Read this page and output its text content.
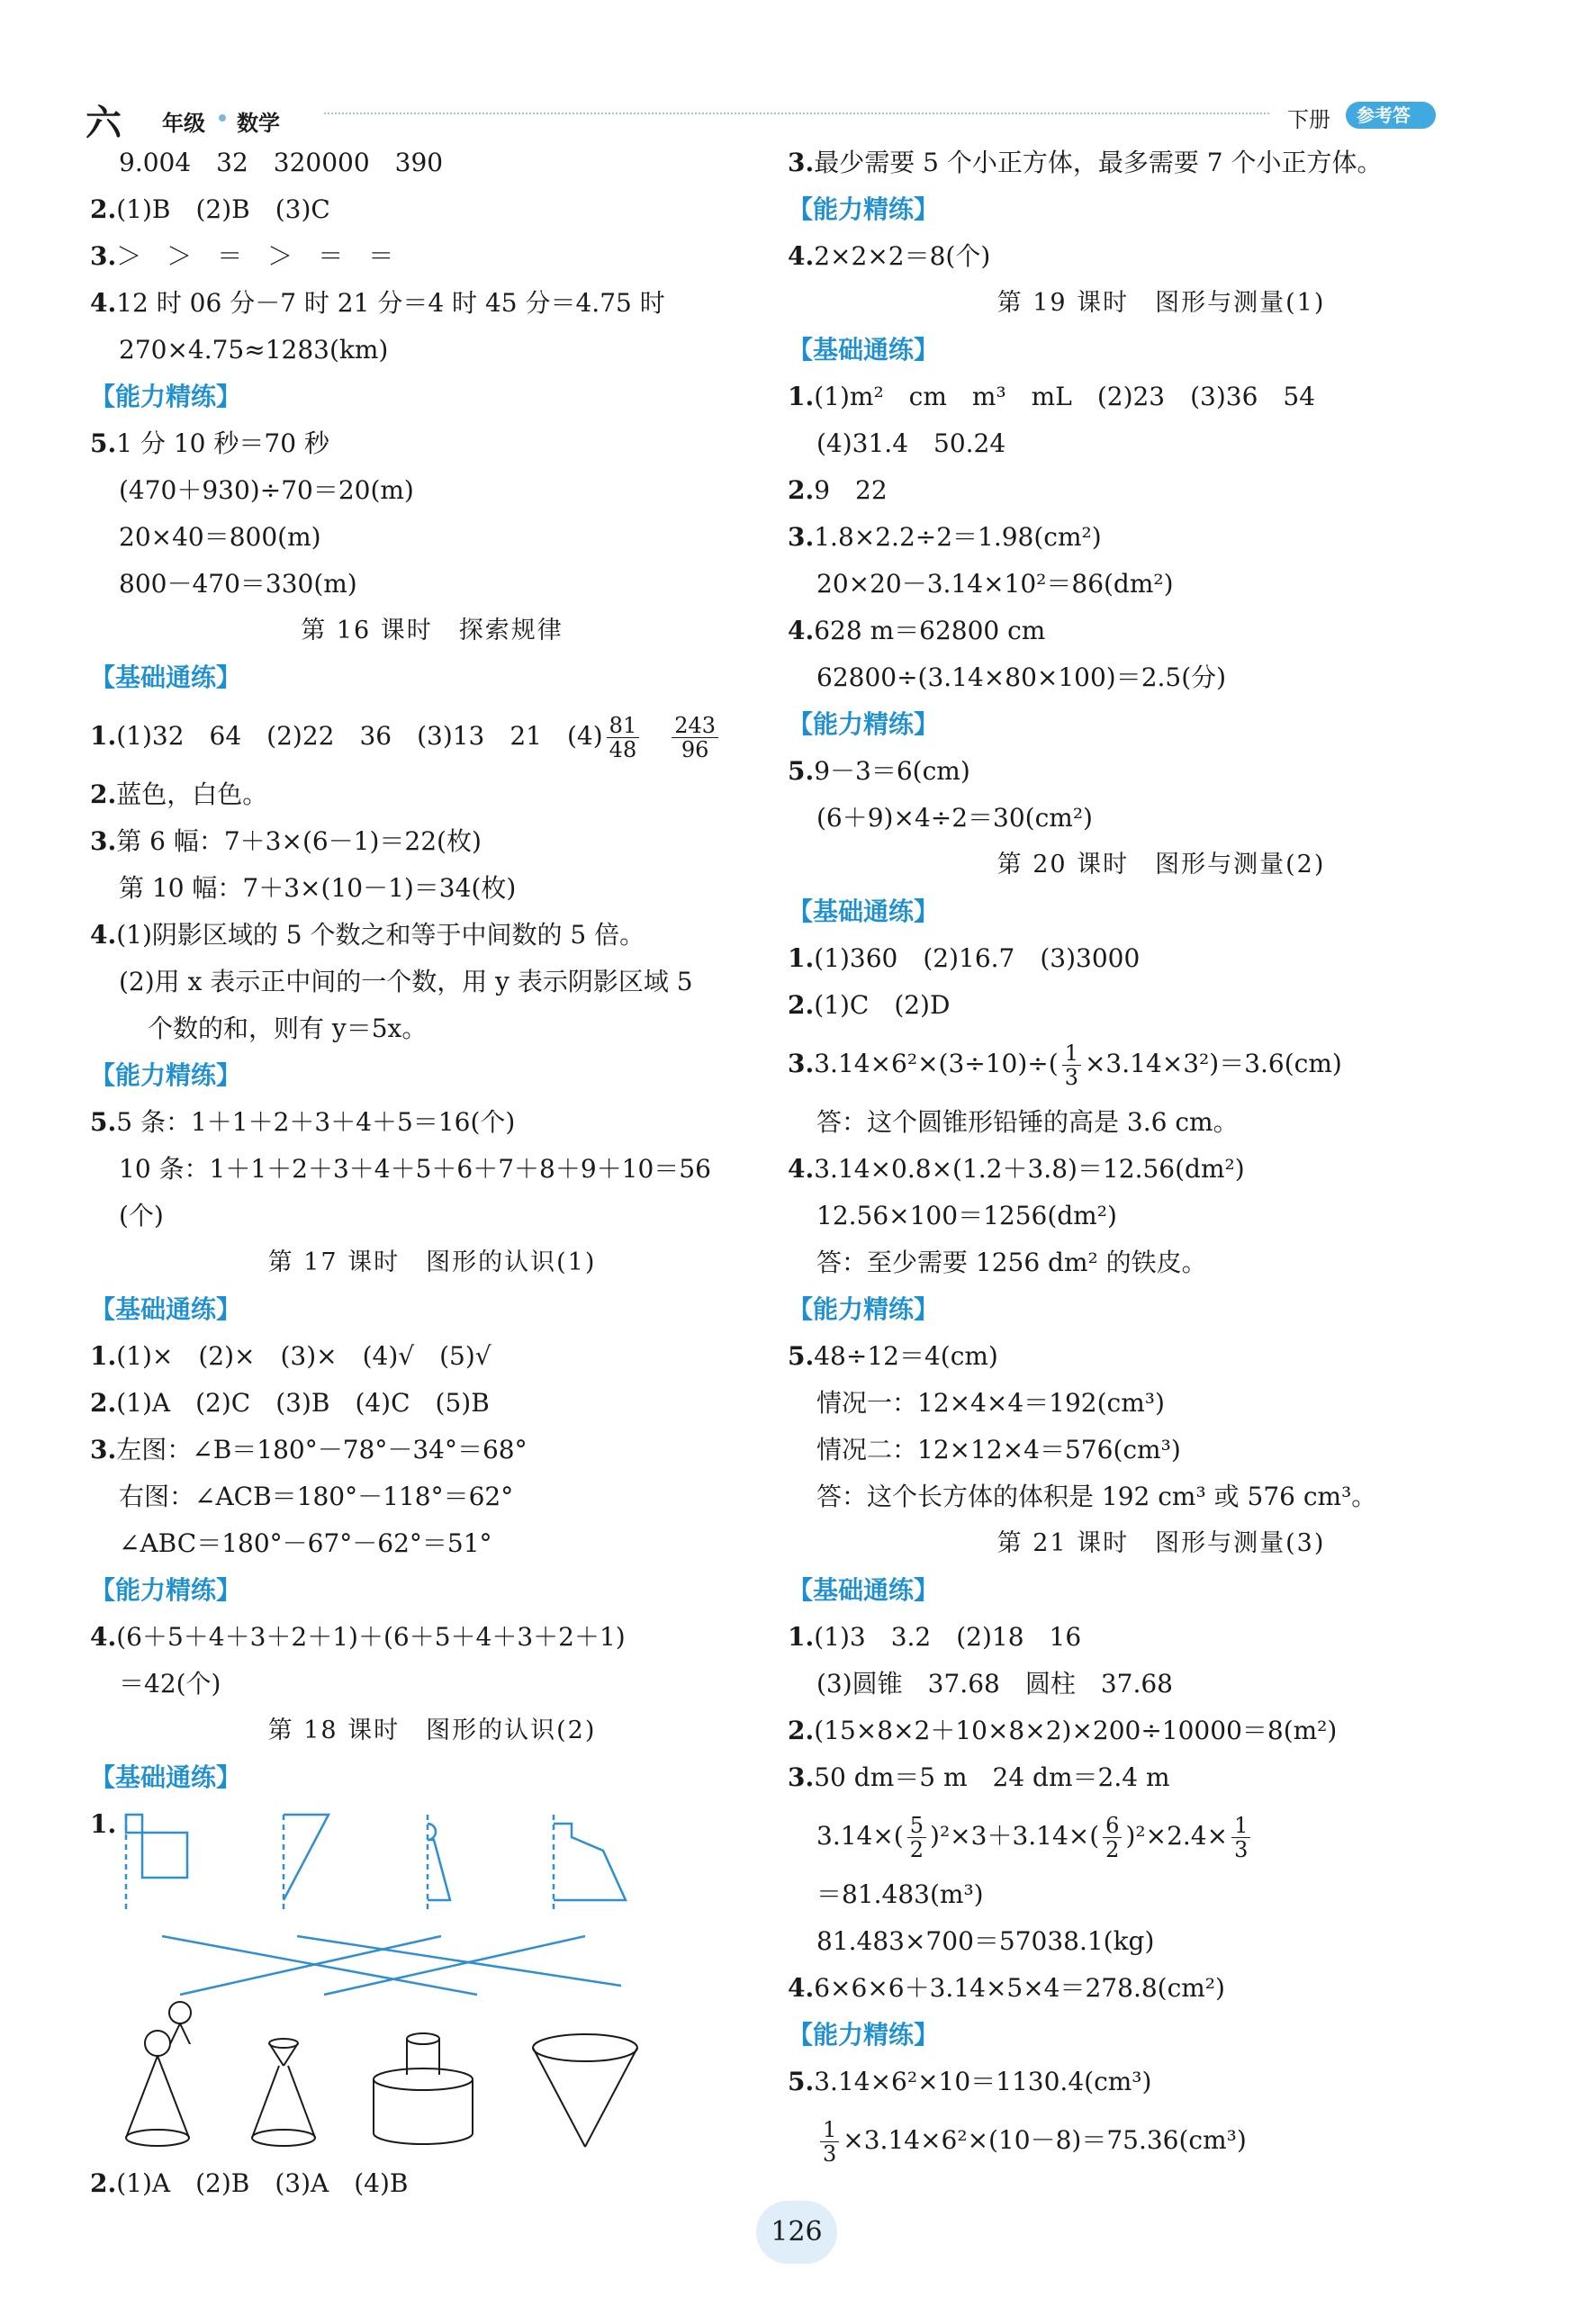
六	年级 数学	下册	参考答案
9.004　32　320000　390
2.(1)B　(2)B　(3)C
3.＞　＞　＝　＞　＝　＝
4.12 时 06 分－7 时 21 分＝4 时 45 分＝4.75 时
270×4.75≈1283(km)
【能力精练】
5.1 分 10 秒＝70 秒
(470＋930)÷70＝20(m)
20×40＝800(m)
800－470＝330(m)
第 16 课时　探索规律
【基础通练】
1.(1)32　64　(2)22　36　(3)13　21　$(4) \frac{81}{48}$
　 $\frac{243}{96}$
2.蓝色，白色。
3.第 6 幅：7＋3×(6－1)＝22(枚)
第 10 幅：7＋3×(10－1)＝34(枚)
4.(1)阴影区域的 5 个数之和等于中间数的 5 倍。
(2)用 x 表示正中间的一个数，用 y 表示阴影区域 5
个数的和，则有 y＝5x。
【能力精练】
5.5 条：1＋1＋2＋3＋4＋5＝16(个)
10 条：1＋1＋2＋3＋4＋5＋6＋7＋8＋9＋10＝56
(个)
第 17 课时　图形的认识(1)
【基础通练】
1.(1)×　(2)×　(3)×　(4)√　(5)√
2.(1)A　(2)C　(3)B　(4)C　(5)B
3.左图：∠B＝180°－78°－34°＝68°
右图：∠ACB＝180°－118°＝62°
∠ABC＝180°－67°－62°＝51°
【能力精练】
4.(6＋5＋4＋3＋2＋1)＋(6＋5＋4＋3＋2＋1)
＝42(个)
第 18 课时　图形的认识(2)
【基础通练】
1.
2.(1)A　(2)B　(3)A　(4)B
3.最少需要 5 个小正方体，最多需要 7 个小正方体。
【能力精练】
4.2×2×2＝8(个)
第 19 课时　图形与测量(1)
【基础通练】
1.(1)m²　cm　m³　mL　(2)23　(3)36　54
(4)31.4　50.24
2.9　22
3.1.8×2.2÷2＝1.98(cm²)
20×20－3.14×10²＝86(dm²)
4.628 m＝62800 cm
62800÷(3.14×80×100)＝2.5(分)
【能力精练】
5.9－3＝6(cm)
(6＋9)×4÷2＝30(cm²)
第 20 课时　图形与测量(2)
【基础通练】
1.(1)360　(2)16.7　(3)3000
2.(1)C　(2)D
$3.3.14\times 6^2\times(3\div 10)\div( \frac{1}{3} \times 3.14\times 3^2)=3.6(cm)$
答：这个圆锥形铅锤的高是 3.6 cm。
4.3.14×0.8×(1.2＋3.8)＝12.56(dm²)
12.56×100＝1256(dm²)
答：至少需要 1256 dm² 的铁皮。
【能力精练】
5.48÷12＝4(cm)
情况一：12×4×4＝192(cm³)
情况二：12×12×4＝576(cm³)
答：这个长方体的体积是 192 cm³ 或 576 cm³。
第 21 课时　图形与测量(3)
【基础通练】
1.(1)3　3.2　(2)18　16
(3)圆锥　37.68　圆柱　37.68
2.(15×8×2＋10×8×2)×200÷10000＝8(m²)
3.50 dm＝5 m　24 dm＝2.4 m
$3.14\times( \frac{5}{2} )^2\times 3+3.14\times( \frac{6}{2} )^2\times 2.4\times \frac{1}{3}$
＝81.483(m³)
81.483×700＝57038.1(kg)
4.6×6×6＋3.14×5×4＝278.8(cm²)
【能力精练】
5.3.14×6²×10＝1130.4(cm³)
$\frac{1}{3} \times 3.14\times 6^2\times(10-8)=75.36(cm^3)$
126
